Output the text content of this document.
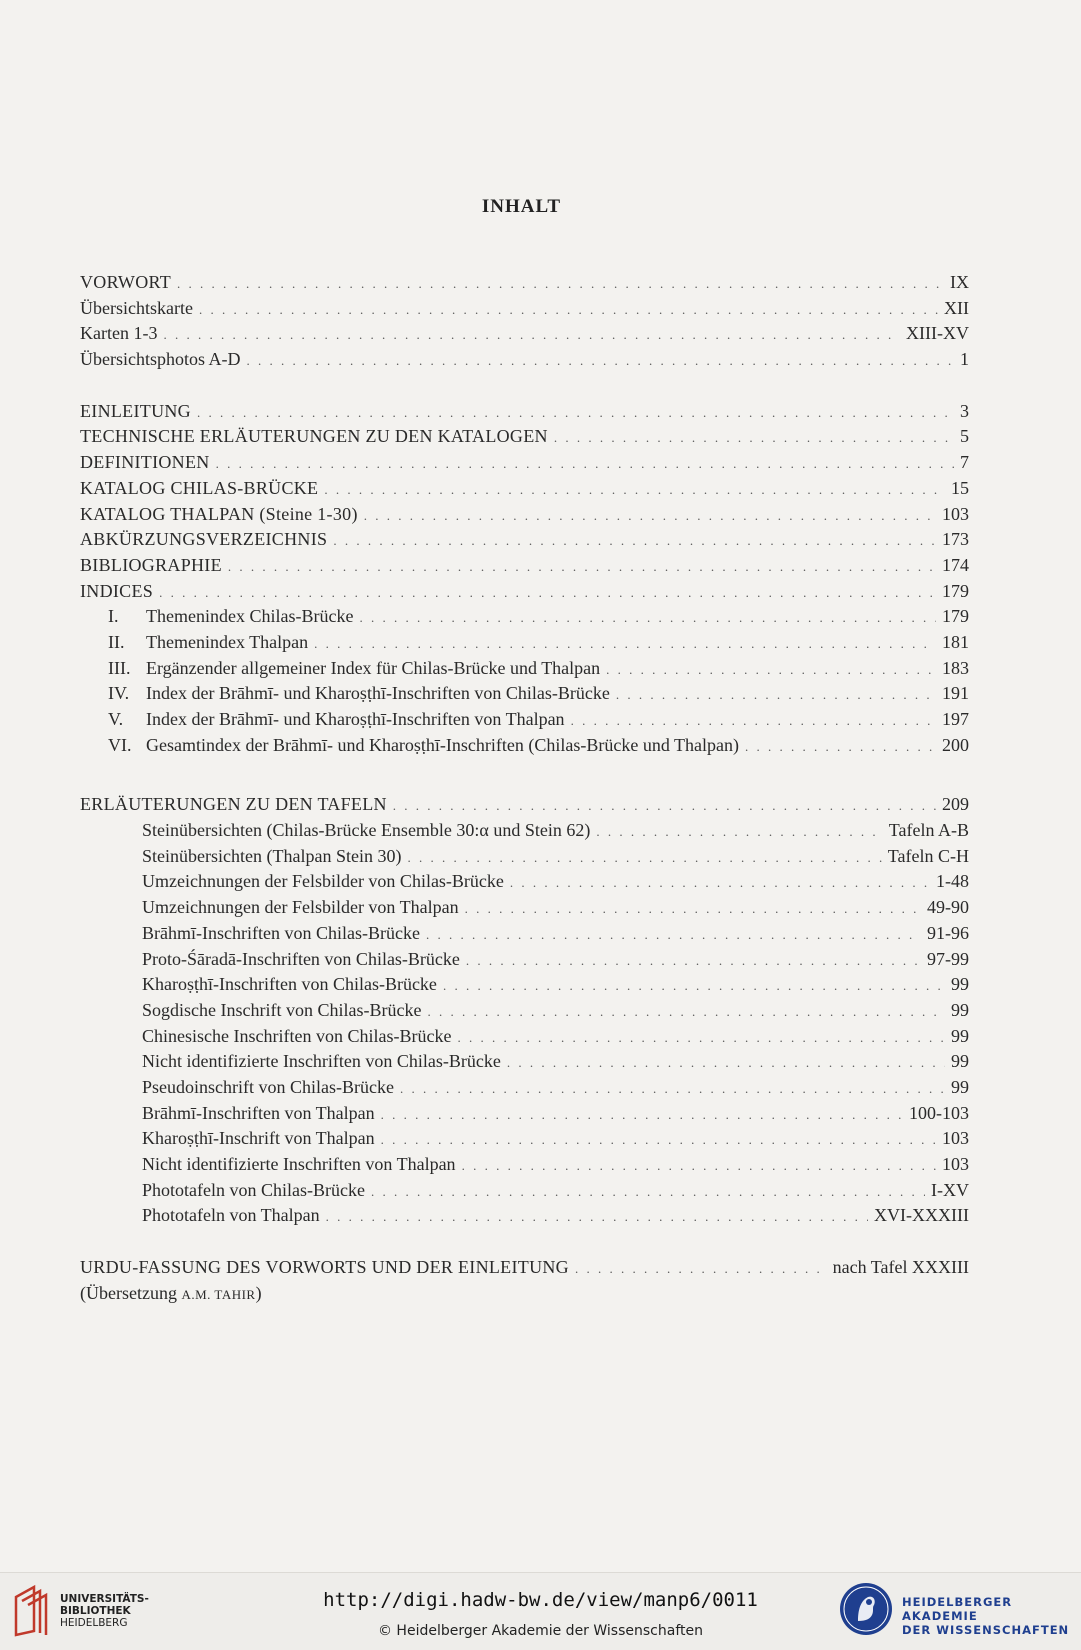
INHALT
VORWORT . . .	IX
Übersichtskarte . . .	XII
Karten 1-3 . . .	XIII-XV
Übersichtsphotos A-D . . .	1
EINLEITUNG . . .	3
TECHNISCHE ERLÄUTERUNGEN ZU DEN KATALOGEN . . .	5
DEFINITIONEN . . .	7
KATALOG CHILAS-BRÜCKE . . .	15
KATALOG THALPAN (Steine 1-30) . . .	103
ABKÜRZUNGSVERZEICHNIS . . .	173
BIBLIOGRAPHIE . . .	174
INDICES . . .	179
I. Themenindex Chilas-Brücke . . .	179
II. Themenindex Thalpan . . .	181
III. Ergänzender allgemeiner Index für Chilas-Brücke und Thalpan . . .	183
IV. Index der Brāhmī- und Kharoṣṭhī-Inschriften von Chilas-Brücke . . .	191
V. Index der Brāhmī- und Kharoṣṭhī-Inschriften von Thalpan . . .	197
VI. Gesamtindex der Brāhmī- und Kharoṣṭhī-Inschriften (Chilas-Brücke und Thalpan) . . .	200
ERLÄUTERUNGEN ZU DEN TAFELN . . .	209
Steinübersichten (Chilas-Brücke Ensemble 30:α und Stein 62) . . .	Tafeln A-B
Steinübersichten (Thalpan Stein 30) . . .	Tafeln C-H
Umzeichnungen der Felsbilder von Chilas-Brücke . . .	1-48
Umzeichnungen der Felsbilder von Thalpan . . .	49-90
Brāhmī-Inschriften von Chilas-Brücke . . .	91-96
Proto-Śāradā-Inschriften von Chilas-Brücke . . .	97-99
Kharoṣṭhī-Inschriften von Chilas-Brücke . . .	99
Sogdische Inschrift von Chilas-Brücke . . .	99
Chinesische Inschriften von Chilas-Brücke . . .	99
Nicht identifizierte Inschriften von Chilas-Brücke . . .	99
Pseudoinschrift von Chilas-Brücke . . .	99
Brāhmī-Inschriften von Thalpan . . .	100-103
Kharoṣṭhī-Inschrift von Thalpan . . .	103
Nicht identifizierte Inschriften von Thalpan . . .	103
Phototafeln von Chilas-Brücke . . .	I-XV
Phototafeln von Thalpan . . .	XVI-XXXIII
URDU-FASSUNG DES VORWORTS UND DER EINLEITUNG . . .	nach Tafel XXXIII
(Übersetzung A.M. TAHIR)
UNIVERSITÄTS-
BIBLIOTHEK
HEIDELBERG
http://digi.hadw-bw.de/view/manp6/0011
© Heidelberger Akademie der Wissenschaften
HEIDELBERGER AKADEMIE
DER WISSENSCHAFTEN
